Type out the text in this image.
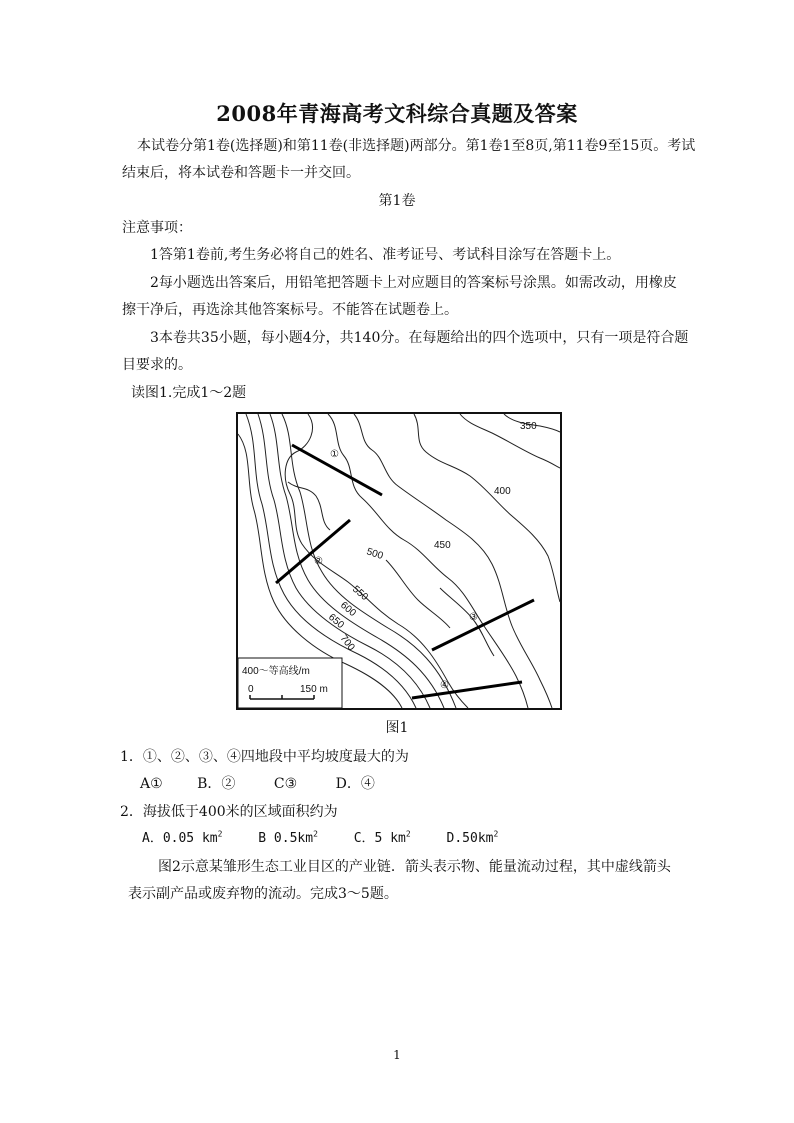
2008年青海高考文科综合真题及答案
本试卷分第1卷(选择题)和第11卷(非选择题)两部分。第1卷1至8页,第11卷9至15页。考试
结束后，将本试卷和答题卡一并交回。
第1卷
注意事项：
1答第1卷前,考生务必将自己的姓名、准考证号、考试科目涂写在答题卡上。
2每小题选出答案后，用铅笔把答题卡上对应题目的答案标号涂黑。如需改动，用橡皮
擦干净后，再选涂其他答案标号。不能答在试题卷上。
3本卷共35小题，每小题4分，共140分。在每题给出的四个选项中，只有一项是符合题
目要求的。
读图1.完成1～2题
①
②
③
④
350
400
450
500
550
600
650
700
400～等高线/m
0	150 m
图1
1．①、②、③、④四地段中平均坡度最大的为
A① B．②	C③	D．④
2．海拔低于400米的区域面积约为
A．0.05 $km^2$	B $0.5km^2$	C．5 $km^2$	$D.50km^2$
图2示意某雏形生态工业目区的产业链．箭头表示物、能量流动过程，其中虚线箭头
表示副产品或废弃物的流动。完成3～5题。
1
